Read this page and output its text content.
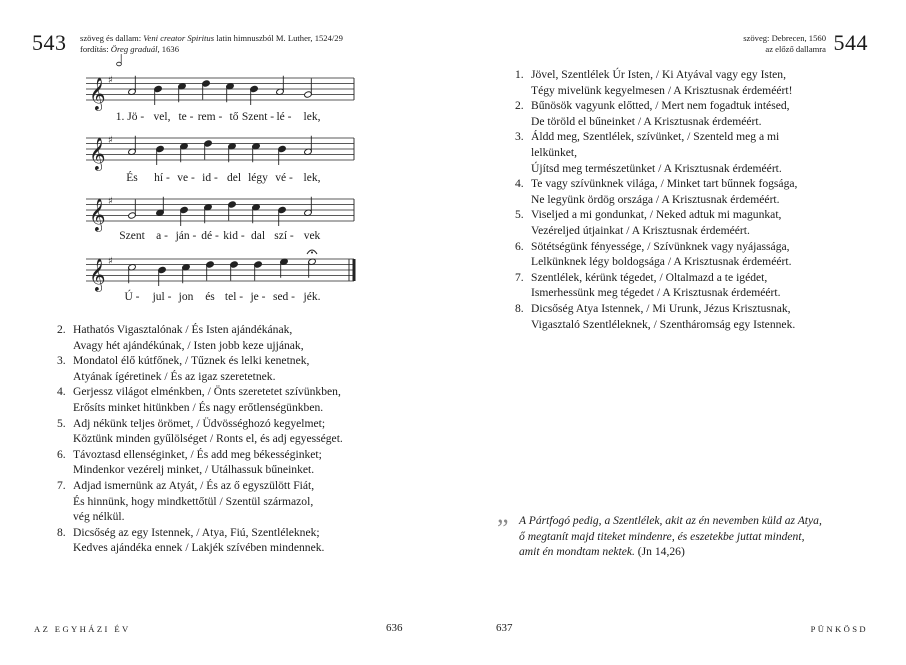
543 szöveg és dallam: Veni creator Spiritus latin himnuszból M. Luther, 1524/29
fordítás: Öreg graduál, 1636
𝄞 ♯
1. Jö - vel, te - rem - tő Szent - lé - lek,
𝄞 ♯
És hí - ve - id - del légy vé - lek,
𝄞 ♯
Szent a - ján - dé - kid - dal szí - vek
𝄞 ♯
Ú - jul - jon és tel - je - sed - jék.
2. Hathatós Vigasztalónak / És Isten ajándékának,
Avagy hét ajándékúnak, / Isten jobb keze ujjának,
3. Mondatol élő kútfőnek, / Tűznek és lelki kenetnek,
Atyának ígéretinek / És az igaz szeretetnek.
4. Gerjessz világot elménkben, / Önts szeretetet szívünkben,
Erősíts minket hitünkben / És nagy erőtlenségünkben.
5. Adj nékünk teljes örömet, / Üdvösséghozó kegyelmet;
Köztünk minden gyűlölséget / Ronts el, és adj egyességet.
6. Távoztasd ellenséginket, / És add meg békességinket;
Mindenkor vezérelj minket, / Utálhassuk bűneinket.
7. Adjad ismernünk az Atyát, / És az ő egyszülött Fiát,
És hinnünk, hogy mindkettőtül / Szentül származol,
vég nélkül.
8. Dicsőség az egy Istennek, / Atya, Fiú, Szentléleknek;
Kedves ajándéka ennek / Lakjék szívében mindennek.
AZ EGYHÁZI ÉV	636
544
szöveg: Debrecen, 1560
az előző dallamra
1. Jövel, Szentlélek Úr Isten, / Ki Atyával vagy egy Isten,
Tégy mivelünk kegyelmesen / A Krisztusnak érdeméért!
2. Bűnösök vagyunk előtted, / Mert nem fogadtuk intésed,
De töröld el bűneinket / A Krisztusnak érdeméért.
3. Áldd meg, Szentlélek, szívünket, / Szenteld meg a mi
lelkünket,
Újítsd meg természetünket / A Krisztusnak érdeméért.
4. Te vagy szívünknek világa, / Minket tart bűnnek fogsága,
Ne legyünk ördög országa / A Krisztusnak érdeméért.
5. Viseljed a mi gondunkat, / Neked adtuk mi magunkat,
Vezéreljed útjainkat / A Krisztusnak érdeméért.
6. Sötétségünk fényessége, / Szívünknek vagy nyájassága,
Lelkünknek légy boldogsága / A Krisztusnak érdeméért.
7. Szentlélek, kérünk tégedet, / Oltalmazd a te igédet,
Ismerhessünk meg tégedet / A Krisztusnak érdeméért.
8. Dicsőség Atya Istennek, / Mi Urunk, Jézus Krisztusnak,
Vigasztaló Szentléleknek, / Szentháromság egy Istennek.
” A Pártfogó pedig, a Szentlélek, akit az én nevemben küld az Atya,
ő megtanít majd titeket mindenre, és eszetekbe juttat mindent,
amit én mondtam nektek. (Jn 14,26)
637	PÜNKÖSD
